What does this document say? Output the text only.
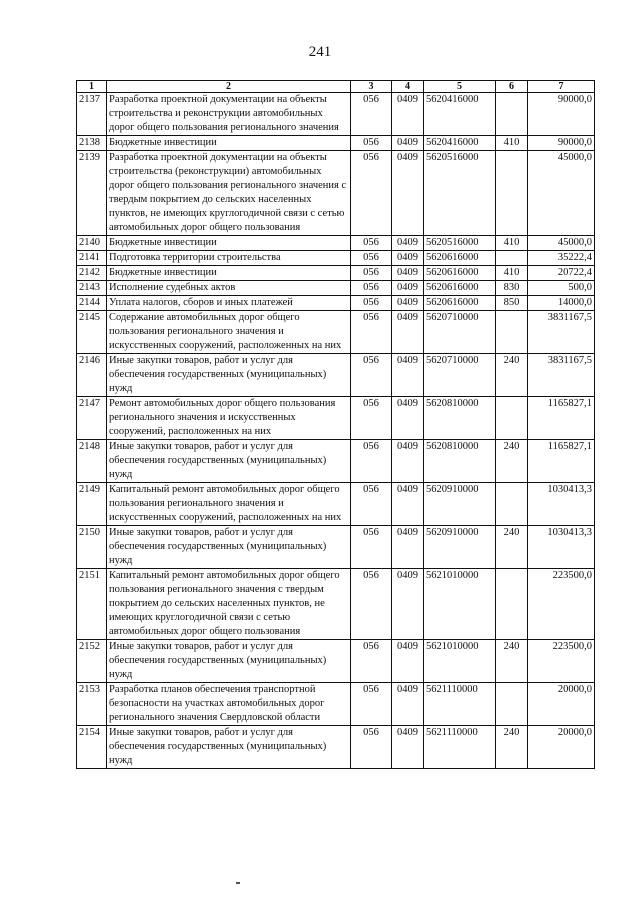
241
1	2	3	4	5	6	7
2137	Разработка проектной документации на объекты строительства и реконструкции автомобильных дорог общего пользования регионального значения	056	0409	5620416000		90000,0
2138	Бюджетные инвестиции	056	0409	5620416000	410	90000,0
2139	Разработка проектной документации на объекты строительства (реконструкции) автомобильных дорог общего пользования регионального значения с твердым покрытием до сельских населенных пунктов, не имеющих круглогодичной связи с сетью автомобильных дорог общего пользования	056	0409	5620516000		45000,0
2140	Бюджетные инвестиции	056	0409	5620516000	410	45000,0
2141	Подготовка территории строительства	056	0409	5620616000		35222,4
2142	Бюджетные инвестиции	056	0409	5620616000	410	20722,4
2143	Исполнение судебных актов	056	0409	5620616000	830	500,0
2144	Уплата налогов, сборов и иных платежей	056	0409	5620616000	850	14000,0
2145	Содержание автомобильных дорог общего пользования регионального значения и искусственных сооружений, расположенных на них	056	0409	5620710000		3831167,5
2146	Иные закупки товаров, работ и услуг для обеспечения государственных (муниципальных) нужд	056	0409	5620710000	240	3831167,5
2147	Ремонт автомобильных дорог общего пользования регионального значения и искусственных сооружений, расположенных на них	056	0409	5620810000		1165827,1
2148	Иные закупки товаров, работ и услуг для обеспечения государственных (муниципальных) нужд	056	0409	5620810000	240	1165827,1
2149	Капитальный ремонт автомобильных дорог общего пользования регионального значения и искусственных сооружений, расположенных на них	056	0409	5620910000		1030413,3
2150	Иные закупки товаров, работ и услуг для обеспечения государственных (муниципальных) нужд	056	0409	5620910000	240	1030413,3
2151	Капитальный ремонт автомобильных дорог общего пользования регионального значения с твердым покрытием до сельских населенных пунктов, не имеющих круглогодичной связи с сетью автомобильных дорог общего пользования	056	0409	5621010000		223500,0
2152	Иные закупки товаров, работ и услуг для обеспечения государственных (муниципальных) нужд	056	0409	5621010000	240	223500,0
2153	Разработка планов обеспечения транспортной безопасности на участках автомобильных дорог регионального значения Свердловской области	056	0409	5621110000		20000,0
2154	Иные закупки товаров, работ и услуг для обеспечения государственных (муниципальных) нужд	056	0409	5621110000	240	20000,0
